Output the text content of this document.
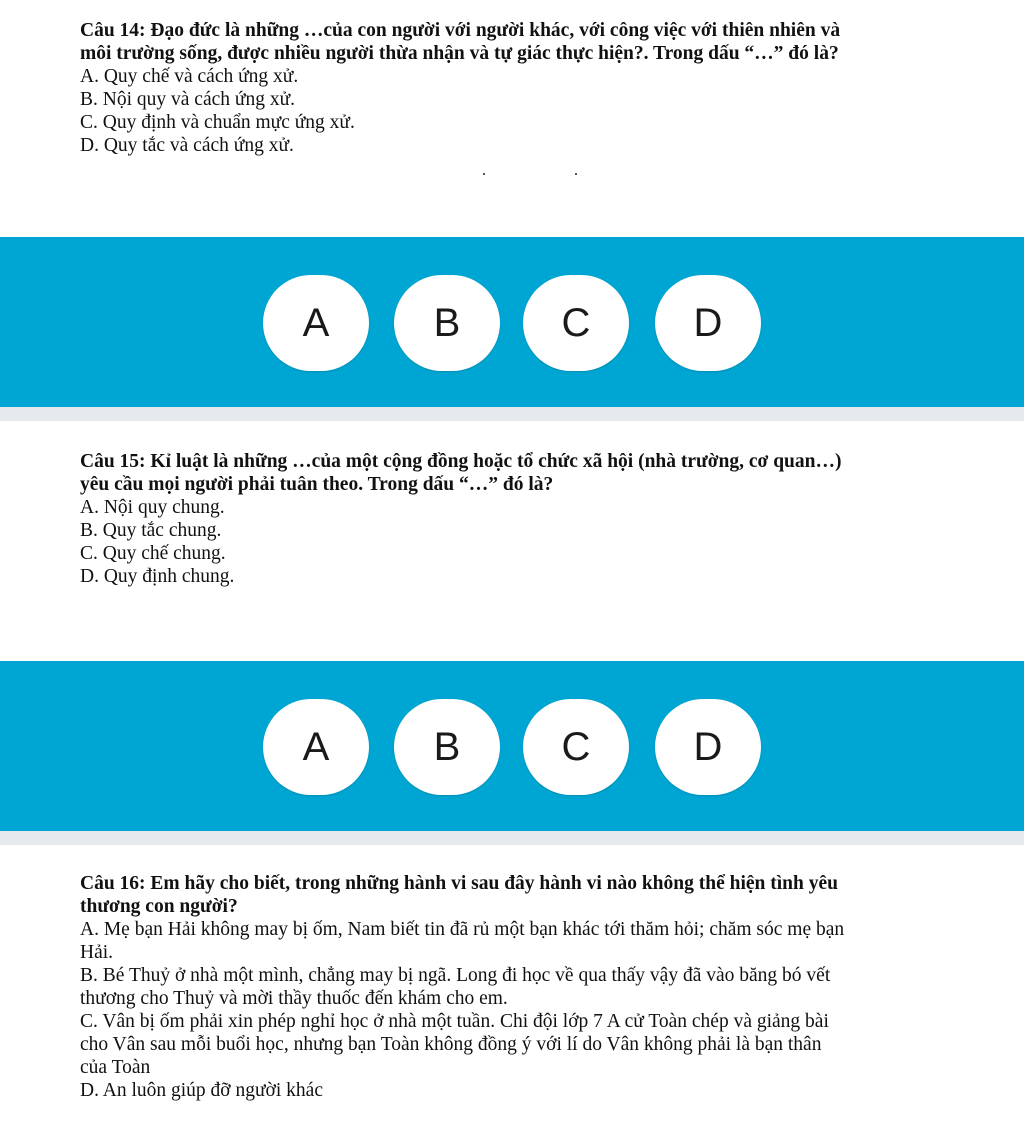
Câu 14: Đạo đức là những …của con người với người khác, với công việc với thiên nhiên và
môi trường sống, được nhiều người thừa nhận và tự giác thực hiện?. Trong dấu “…” đó là?
A. Quy chế và cách ứng xử.
B. Nội quy và cách ứng xử.
C. Quy định và chuẩn mực ứng xử.
D. Quy tắc và cách ứng xử.
A	B	C	D
Câu 15: Kỉ luật là những …của một cộng đồng hoặc tổ chức xã hội (nhà trường, cơ quan…)
yêu cầu mọi người phải tuân theo. Trong dấu “…” đó là?
A. Nội quy chung.
B. Quy tắc chung.
C. Quy chế chung.
D. Quy định chung.
A	B	C	D
Câu 16: Em hãy cho biết, trong những hành vi sau đây hành vi nào không thể hiện tình yêu
thương con người?
A. Mẹ bạn Hải không may bị ốm, Nam biết tin đã rủ một bạn khác tới thăm hỏi; chăm sóc mẹ bạn
Hải.
B. Bé Thuỷ ở nhà một mình, chẳng may bị ngã. Long đi học về qua thấy vậy đã vào băng bó vết
thương cho Thuỷ và mời thầy thuốc đến khám cho em.
C. Vân bị ốm phải xin phép nghỉ học ở nhà một tuần. Chi đội lớp 7 A cử Toàn chép và giảng bài
cho Vân sau mỗi buổi học, nhưng bạn Toàn không đồng ý với lí do Vân không phải là bạn thân
của Toàn
D. An luôn giúp đỡ người khác
